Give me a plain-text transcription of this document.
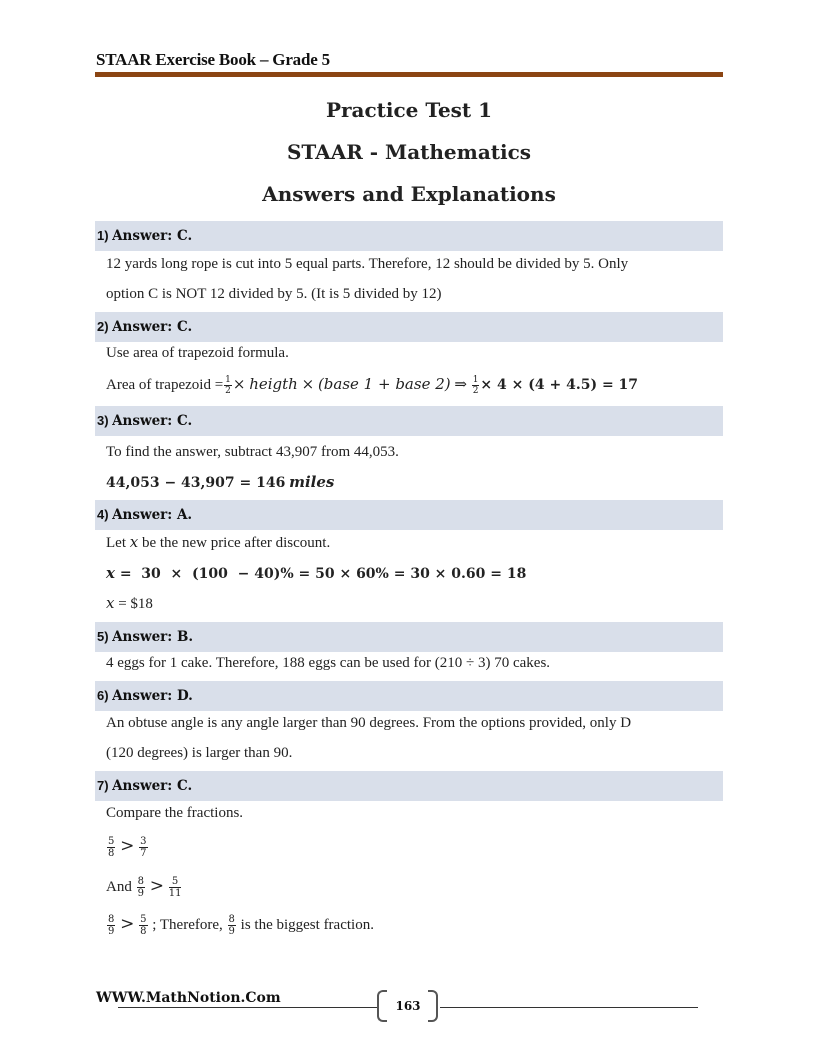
STAAR Exercise Book – Grade 5
Practice Test 1
STAAR - Mathematics
Answers and Explanations
1) Answer: C.
12 yards long rope is cut into 5 equal parts. Therefore, 12 should be divided by 5. Only
option C is NOT 12 divided by 5. (It is 5 divided by 12)
2) Answer: C.
Use area of trapezoid formula.
Area of trapezoid = $\frac{1}{2}$ × heigth × (base 1 + base 2) ⇒ $\frac{1}{2} \times 4 \times (4 + 4.5) = 17$
3) Answer: C.
To find the answer, subtract 43,907 from 44,053.
44,053 − 43,907 = 146 miles
4) Answer: A.
Let x be the new price after discount.
x =  30  ×  (100  − 40)% = 50 × 60% = 30 × 0.60 = 18
x = $18
5) Answer: B.
4 eggs for 1 cake. Therefore, 188 eggs can be used for (210 ÷ 3) 70 cakes.
6) Answer: D.
An obtuse angle is any angle larger than 90 degrees. From the options provided, only D
(120 degrees) is larger than 90.
7) Answer: C.
Compare the fractions.
$\frac{5}{8} > \frac{3}{7}$
And $\frac{8}{9} > \frac{5}{11}$
$\frac{8}{9} > \frac{5}{8}$ ; Therefore, $\frac{8}{9}$ is the biggest fraction.
WWW.MathNotion.Com	163
